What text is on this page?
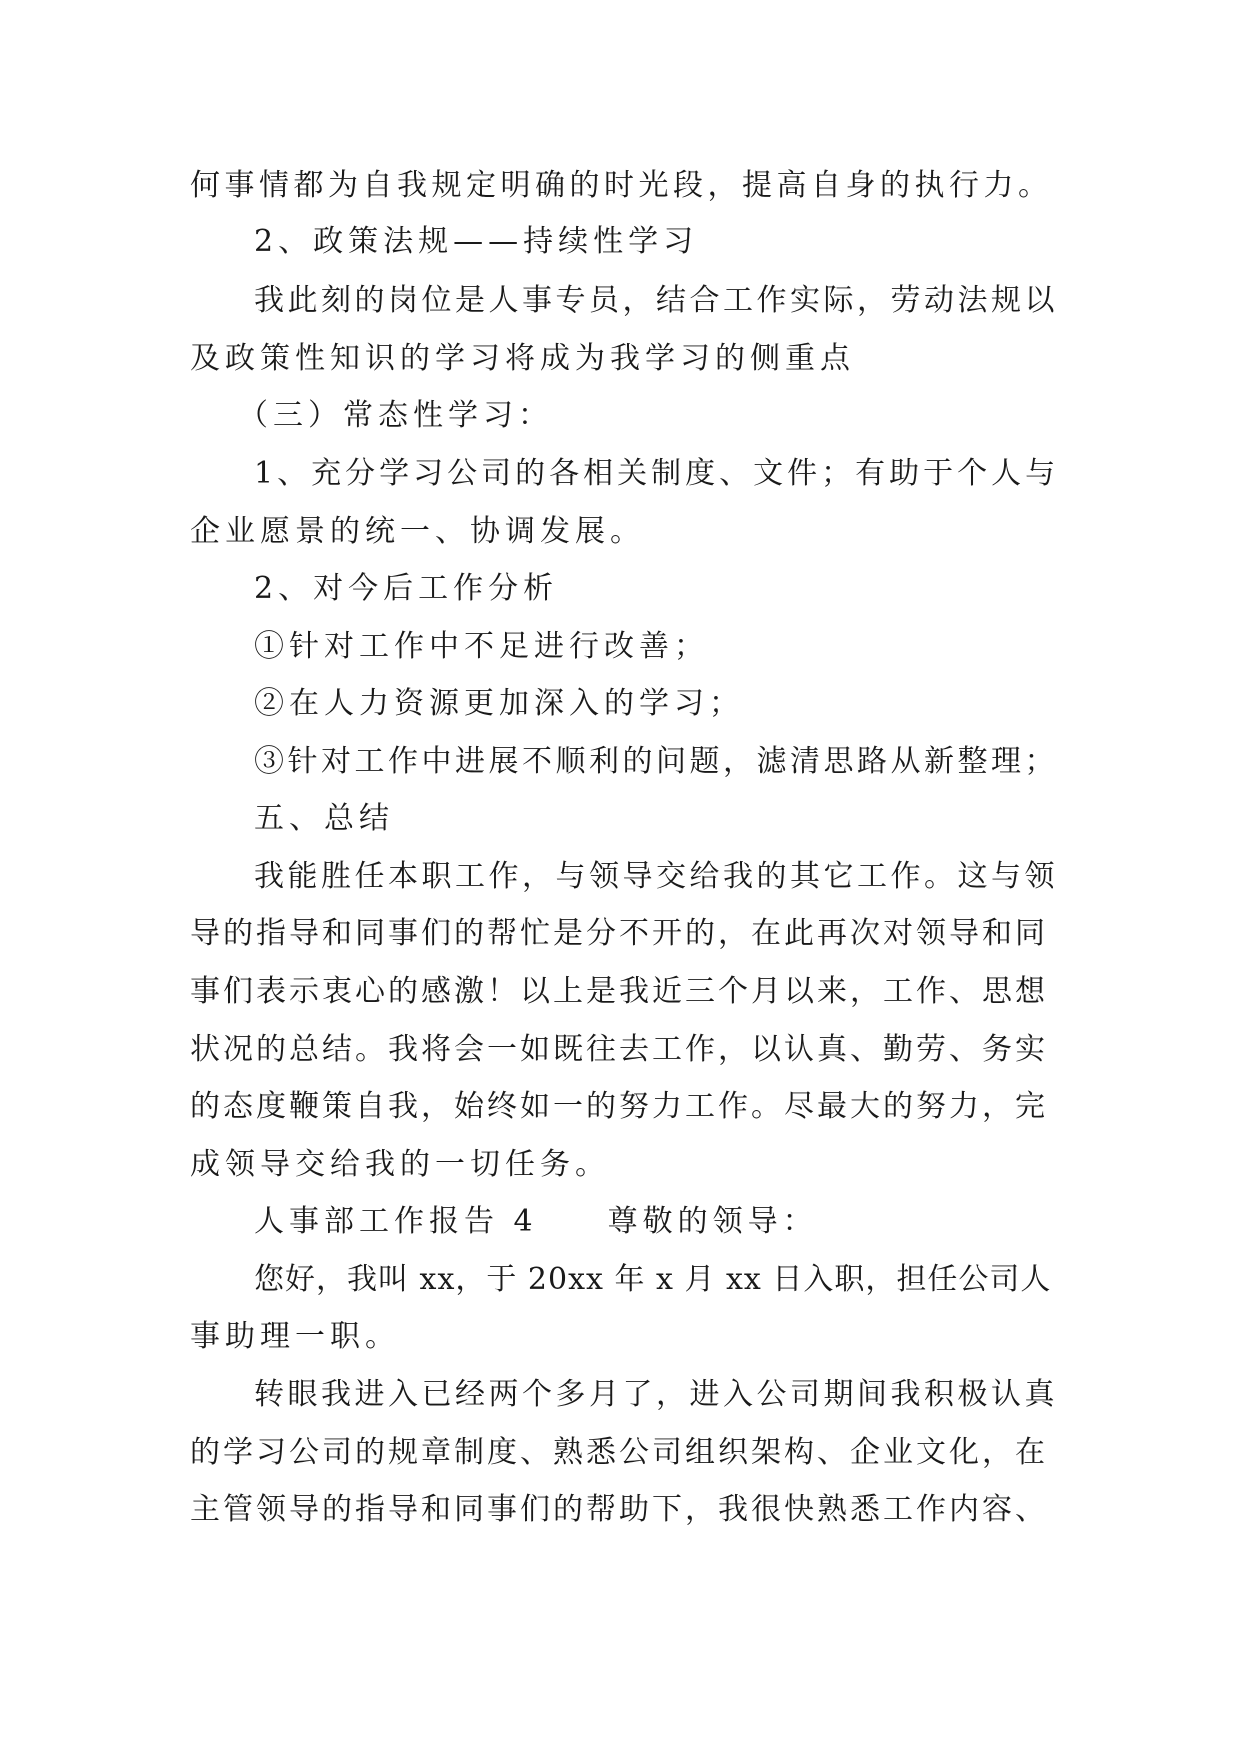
何事情都为自我规定明确的时光段，提高自身的执行力。

2、政策法规——持续性学习

我此刻的岗位是人事专员，结合工作实际，劳动法规以

及政策性知识的学习将成为我学习的侧重点

（三）常态性学习：

1、充分学习公司的各相关制度、文件；有助于个人与

企业愿景的统一、协调发展。

2、对今后工作分析

①针对工作中不足进行改善；

②在人力资源更加深入的学习；

③针对工作中进展不顺利的问题，滤清思路从新整理；

五、总结

我能胜任本职工作，与领导交给我的其它工作。这与领

导的指导和同事们的帮忙是分不开的，在此再次对领导和同

事们表示衷心的感激！以上是我近三个月以来，工作、思想

状况的总结。我将会一如既往去工作，以认真、勤劳、务实

的态度鞭策自我，始终如一的努力工作。尽最大的努力，完

成领导交给我的一切任务。

人事部工作报告 4　　尊敬的领导：

您好，我叫 xx，于 20xx 年 x 月 xx 日入职，担任公司人

事助理一职。

转眼我进入已经两个多月了，进入公司期间我积极认真

的学习公司的规章制度、熟悉公司组织架构、企业文化，在

主管领导的指导和同事们的帮助下，我很快熟悉工作内容、
